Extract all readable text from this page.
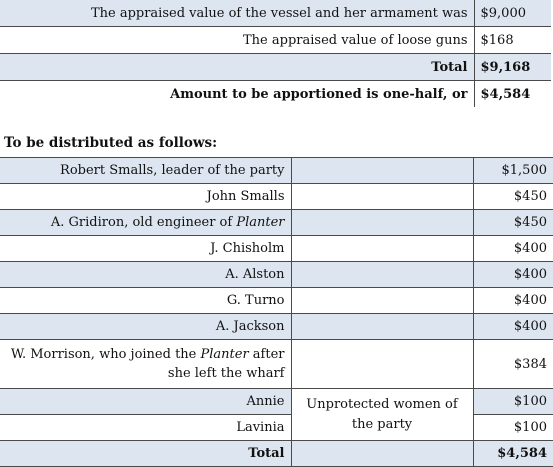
The appraised value of the vessel and her armament was	$9,000
The appraised value of loose guns	$168
Total	$9,168
Amount to be apportioned is one-half, or	$4,584

To be distributed as follows:

Robert Smalls, leader of the party		$1,500
John Smalls		$450
A. Gridiron, old engineer of Planter		$450
J. Chisholm		$400
A. Alston		$400
G. Turno		$400
A. Jackson		$400
W. Morrison, who joined the Planter after she left the wharf		$384
Annie	Unprotected women of the party	$100
Lavinia		$100
Total		$4,584
